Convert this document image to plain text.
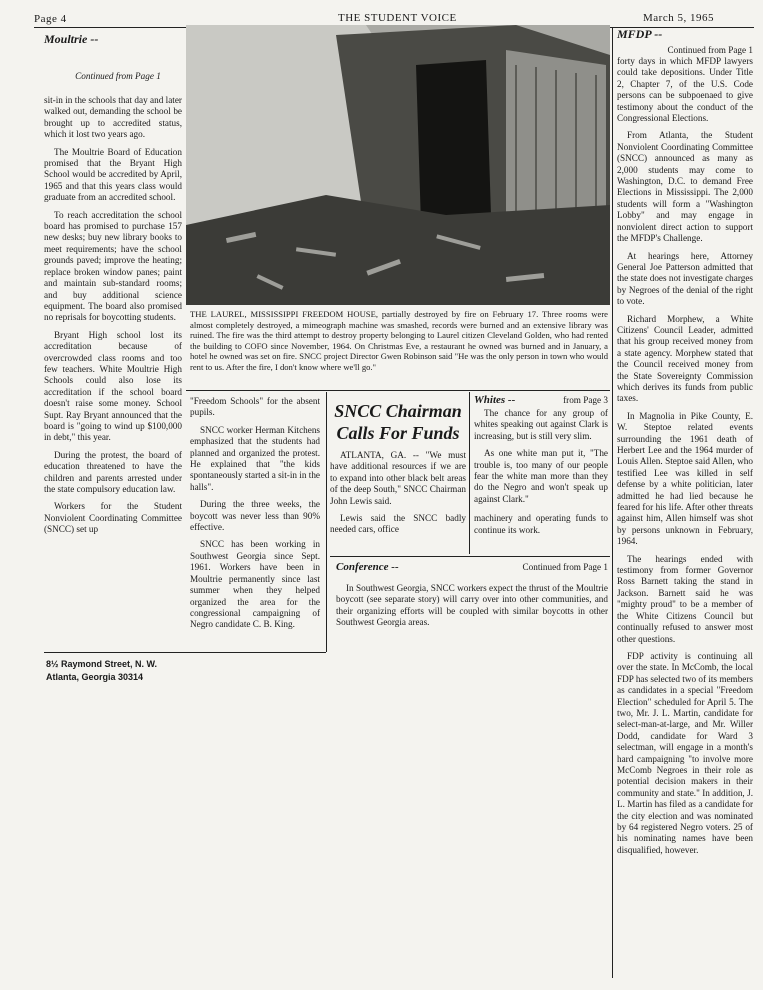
Page 4	THE STUDENT VOICE	March 5, 1965
Moultrie --
Continued from Page 1

sit-in in the schools that day and later walked out, demanding the school be brought up to accredited status, which it lost two years ago.

The Moultrie Board of Education promised that the Bryant High School would be accredited by April, 1965 and that this years class would graduate from an accredited school.

To reach accreditation the school board has promised to purchase 157 new desks; buy new library books to meet requirements; have the school grounds paved; improve the heating; replace broken window panes; paint and maintain sub-standard rooms; and buy additional science equipment. The board also promised no reprisals for boycotting students.

Bryant High school lost its accreditation because of overcrowded class rooms and too few teachers. White Moultrie High Schools could also lose its accreditation if the school board doesn't raise some money. School Supt. Ray Bryant announced that the board is "going to wind up $100,000 in debt," this year.

During the protest, the board of education threatened to have the children and parents arrested under the state compulsory education law.

Workers for the Student Nonviolent Coordinating Committee (SNCC) set up

8½ Raymond Street, N. W.
Atlanta, Georgia 30314
THE LAUREL, MISSISSIPPI FREEDOM HOUSE, partially destroyed by fire on February 17. Three rooms were almost completely destroyed, a mimeograph machine was smashed, records were burned and an extensive library was ruined. The fire was the third attempt to destroy property belonging to Laurel citizen Cleveland Golden, who had rented the building to COFO since November, 1964. On Christmas Eve, a restaurant he owned was burned and in January, a hotel he owned was set on fire. SNCC project Director Gwen Robinson said "He was the only person in town who would rent to us. After the fire, I don't know where we'll go."

"Freedom Schools" for the absent pupils.

SNCC worker Herman Kitchens emphasized that the students had planned and organized the protest. He explained that "the kids spontaneously started a sit-in in the halls".

During the three weeks, the boycott was never less than 90% effective.

SNCC has been working in Southwest Georgia since Sept. 1961. Workers have been in Moultrie permanently since last summer when they helped organized the area for the congressional campaigning of Negro candidate C. B. King.

SNCC Chairman
Calls For Funds

ATLANTA, GA. -- "We must have additional resources if we are to expand into other black belt areas of the deep South," SNCC Chairman John Lewis said.

Lewis said the SNCC badly needed cars, office

Whites --	from Page 3

The chance for any group of whites speaking out against Clark is increasing, but is still very slim.

As one white man put it, "The trouble is, too many of our people fear the white man more than they do the Negro and won't speak up against Clark."

machinery and operating funds to continue its work.

Conference --	Continued from Page 1

In Southwest Georgia, SNCC workers expect the thrust of the Moultrie boycott (see separate story) will carry over into other communities, and their organizing efforts will be coupled with similar boycotts in other Southwest Georgia areas.

MFDP --
Continued from Page 1

forty days in which MFDP lawyers could take depositions. Under Title 2, Chapter 7, of the U.S. Code persons can be subpoenaed to give testimony about the conduct of the Congressional Elections.

From Atlanta, the Student Nonviolent Coordinating Committee (SNCC) announced as many as 2,000 students may come to Washington, D.C. to demand Free Elections in Mississippi. The 2,000 students will form a "Washington Lobby" and may engage in nonviolent direct action to support the MFDP's Challenge.

At hearings here, Attorney General Joe Patterson admitted that the state does not investigate charges by Negroes of the denial of the right to vote.

Richard Morphew, a White Citizens' Council Leader, admitted that his group received money from a state agency. Morphew stated that the Council received money from the State Sovereignty Commission which derives its funds from public taxes.

In Magnolia in Pike County, E. W. Steptoe related events surrounding the 1961 death of Herbert Lee and the 1964 murder of Louis Allen. Steptoe said Allen, who testified Lee was killed in self defense by a white politician, later admitted he had lied because he feared for his life. After other threats against him, Allen himself was shot by persons unknown in February, 1964.

The hearings ended with testimony from former Governor Ross Barnett taking the stand in Jackson. Barnett said he was "mighty proud" to be a member of the White Citizens Council but continually refused to answer most other questions.

FDP activity is continuing all over the state. In McComb, the local FDP has selected two of its members as candidates in a special "Freedom Election" scheduled for April 5. The two, Mr. J. L. Martin, candidate for select-man-at-large, and Mr. Willer Dodd, candidate for Ward 3 selectman, will engage in a month's hard campaigning "to involve more McComb Negroes in their role as potential decision makers in their community and state." In addition, J. L. Martin has filed as a candidate for the city election and was nominated by 64 registered Negro voters. 25 of his nominating names have been disqualified, however.
